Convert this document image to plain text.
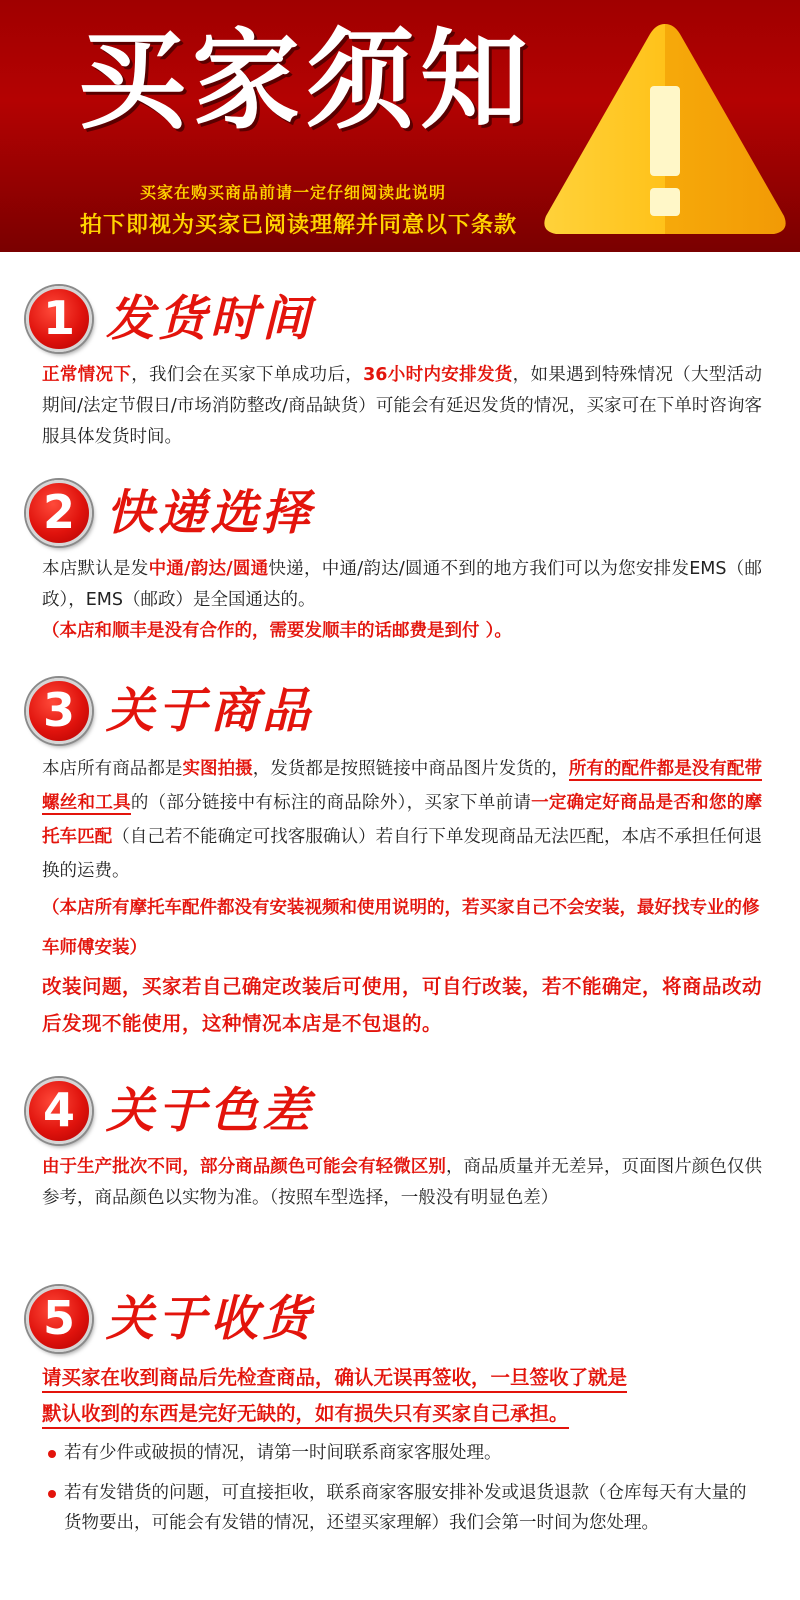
买家须知
买家在购买商品前请一定仔细阅读此说明
拍下即视为买家已阅读理解并同意以下条款
1 发货时间

正常情况下，我们会在买家下单成功后，36小时内安排发货，如果遇到特殊情况（大型活动期间/法定节假日/市场消防整改/商品缺货）可能会有延迟发货的情况，买家可在下单时咨询客服具体发货时间。

2 快递选择

本店默认是发中通/韵达/圆通快递，中通/韵达/圆通不到的地方我们可以为您安排发EMS（邮政），EMS（邮政）是全国通达的。

（本店和顺丰是没有合作的，需要发顺丰的话邮费是到付 ）。

3 关于商品

本店所有商品都是实图拍摄，发货都是按照链接中商品图片发货的，所有的配件都是没有配带螺丝和工具的（部分链接中有标注的商品除外），买家下单前请一定确定好商品是否和您的摩托车匹配（自己若不能确定可找客服确认）若自行下单发现商品无法匹配，本店不承担任何退换的运费。

（本店所有摩托车配件都没有安装视频和使用说明的，若买家自己不会安装，最好找专业的修车师傅安装）

改装问题，买家若自己确定改装后可使用，可自行改装，若不能确定，将商品改动后发现不能使用，这种情况本店是不包退的。

4 关于色差

由于生产批次不同，部分商品颜色可能会有轻微区别，商品质量并无差异，页面图片颜色仅供参考，商品颜色以实物为准。（按照车型选择，一般没有明显色差）

5 关于收货

请买家在收到商品后先检查商品，确认无误再签收，一旦签收了就是
默认收到的东西是完好无缺的，如有损失只有买家自己承担。

若有少件或破损的情况，请第一时间联系商家客服处理。
若有发错货的问题，可直接拒收，联系商家客服安排补发或退货退款（仓库每天有大量的货物要出，可能会有发错的情况，还望买家理解）我们会第一时间为您处理。
